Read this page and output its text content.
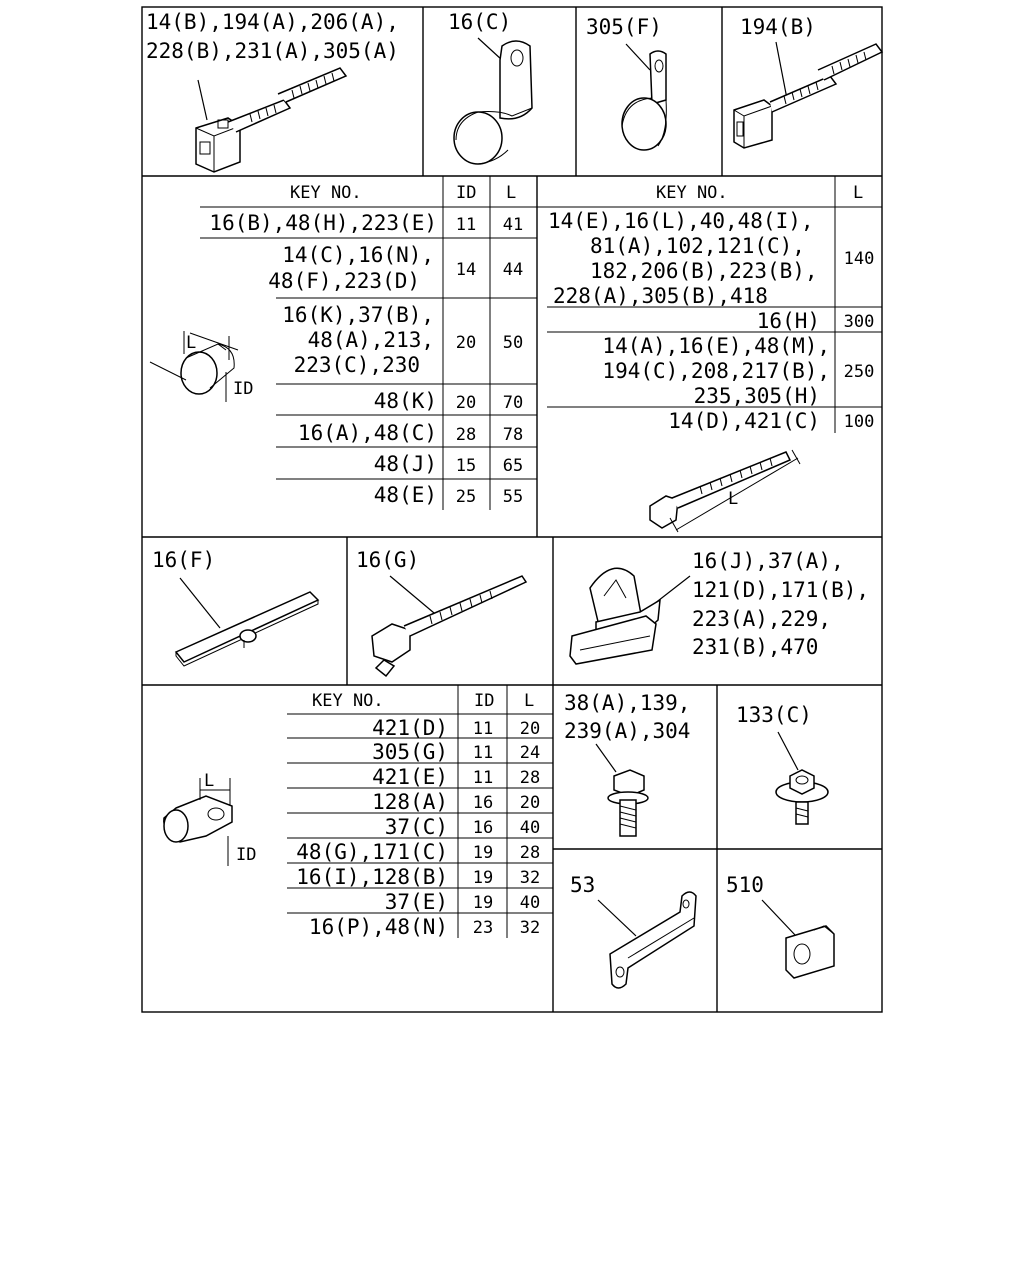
14(B),194(A),206(A),
228(B),231(A),305(A)
16(C)	305(F)	194(B)
KEY NO.	ID L
16(B),48(H),223(E) 11 41
14(C),16(N),
48(F),223(D) 14 44
16(K),37(B),
48(A),213,
223(C),230
20 50
48(K) 20 70
16(A),48(C) 28 78
48(J) 15 65
48(E) 25 55
L
ID
KEY NO.	L
14(E),16(L),40,48(I),
81(A),102,121(C),
182,206(B),223(B),
228(A),305(B),418
140
16(H) 300
14(A),16(E),48(M),
194(C),208,217(B),
235,305(H)
250
14(D),421(C) 100
L
16(F)	16(G)	16(J),37(A),
121(D),171(B),
223(A),229,
231(B),470
KEY NO.	ID L
421(D) 11 20
305(G) 11 24
421(E) 11 28
128(A) 16 20
37(C) 16 40
48(G),171(C) 19 28
16(I),128(B) 19 32
37(E) 19 40
16(P),48(N) 23 32
L
ID
38(A),139,
239(A),304
133(C)
53	510
